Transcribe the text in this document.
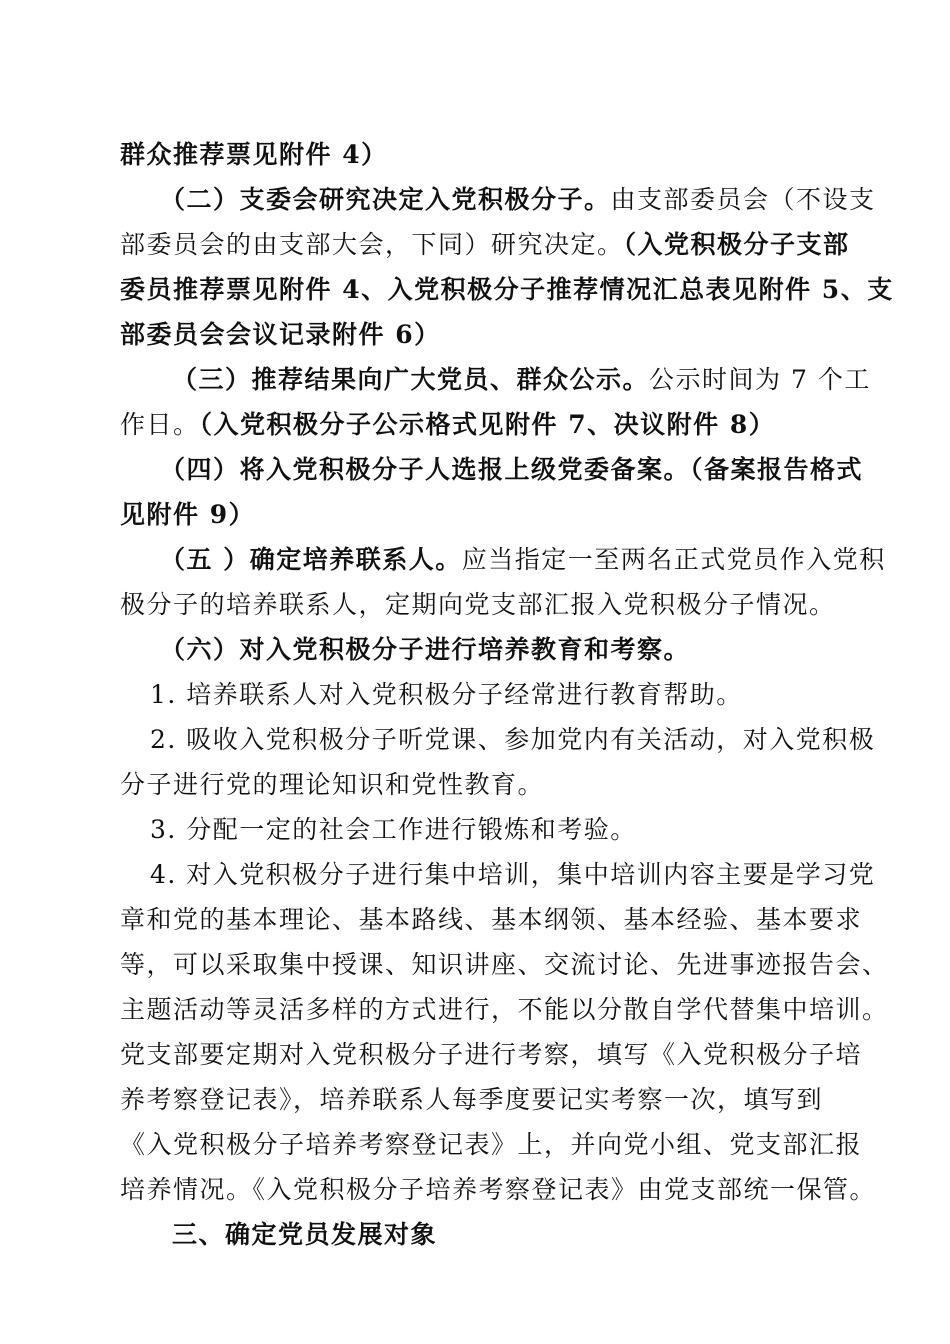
群众推荐票见附件 4）
（二）支委会研究决定入党积极分子。由支部委员会（不设支
部委员会的由支部大会，下同）研究决定。（入党积极分子支部
委员推荐票见附件 4、入党积极分子推荐情况汇总表见附件 5、支
部委员会会议记录附件 6）
（三）推荐结果向广大党员、群众公示。公示时间为 7 个工
作日。（入党积极分子公示格式见附件 7、决议附件 8）
（四）将入党积极分子人选报上级党委备案。（备案报告格式
见附件 9）
（五 ）确定培养联系人。应当指定一至两名正式党员作入党积
极分子的培养联系人，定期向党支部汇报入党积极分子情况。
（六）对入党积极分子进行培养教育和考察。
1. 培养联系人对入党积极分子经常进行教育帮助。
2. 吸收入党积极分子听党课、参加党内有关活动，对入党积极
分子进行党的理论知识和党性教育。
3. 分配一定的社会工作进行锻炼和考验。
4. 对入党积极分子进行集中培训，集中培训内容主要是学习党
章和党的基本理论、基本路线、基本纲领、基本经验、基本要求
等，可以采取集中授课、知识讲座、交流讨论、先进事迹报告会、
主题活动等灵活多样的方式进行，不能以分散自学代替集中培训。
党支部要定期对入党积极分子进行考察，填写《入党积极分子培
养考察登记表》，培养联系人每季度要记实考察一次，填写到
《入党积极分子培养考察登记表》上，并向党小组、党支部汇报
培养情况。《入党积极分子培养考察登记表》由党支部统一保管。
三、确定党员发展对象
